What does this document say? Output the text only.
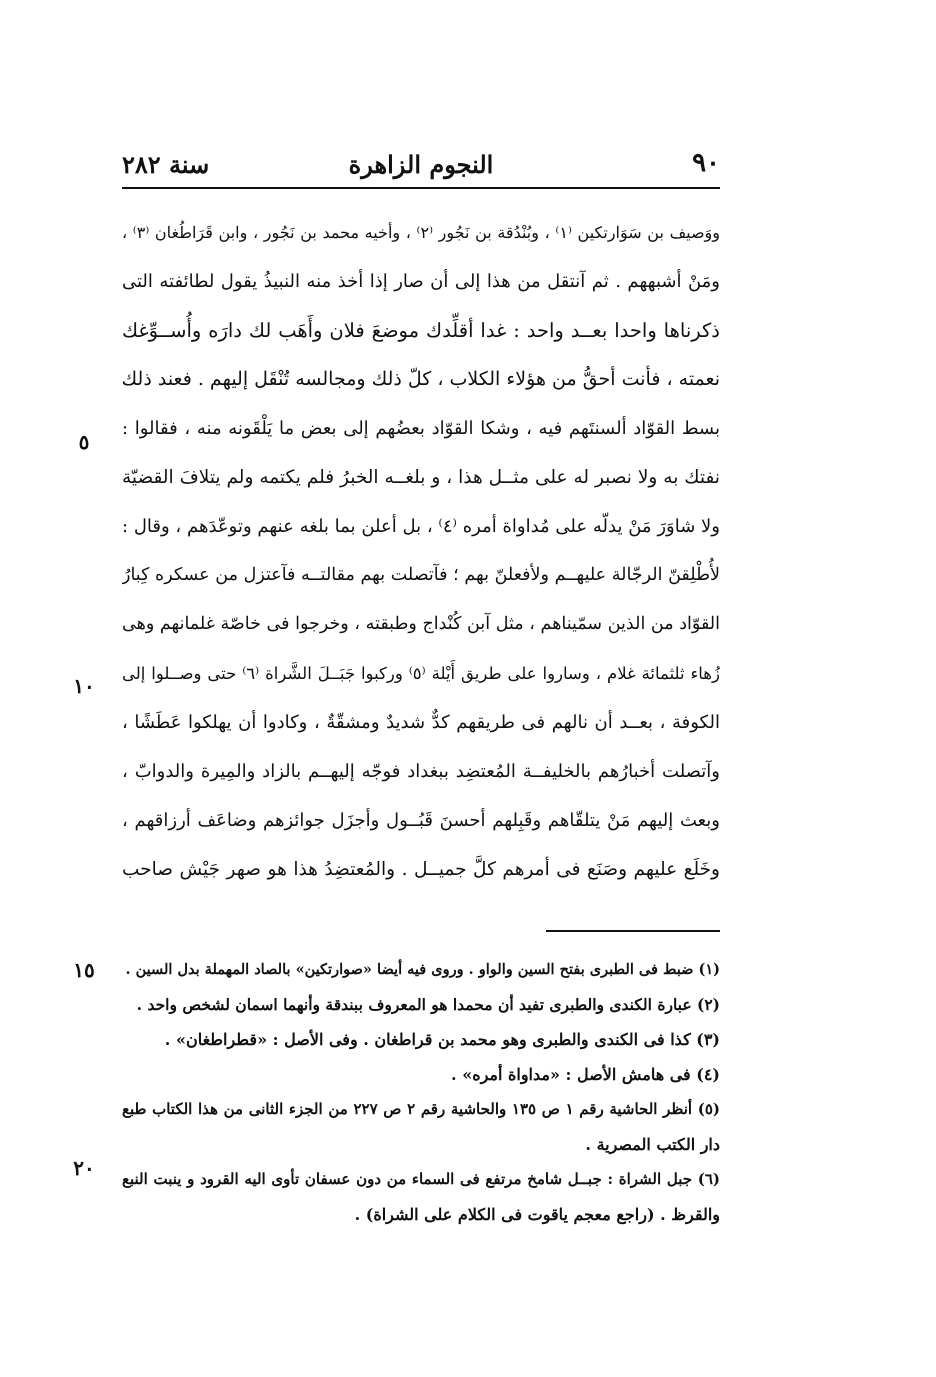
٩٠
النجوم الزاهرة
سنة ٢٨٢
ووَصيف بن سَوَارتكين ⁽١⁾ ، وبُنْدُقة بن نَجُور ⁽٢⁾ ، وأخيه محمد بن نَجُور ، وابن قَرَاطُغان ⁽٣⁾ ،
ومَنْ أشبههم . ثم آنتقل من هذا إلى أن صار إذا أخذ منه النبيذُ يقول لطائفته التى
ذكرناها واحدا بعــد واحد : غدا أقلِّدك موضعَ فلان وأَهَب لك دارَه وأُســوِّغك
نعمته ، فأنت أحقُّ من هؤلاء الكلاب ، كلّ ذلك ومجالسه تُنْقَل إليهم . فعند ذلك
بسط القوّاد ألسنتَهم فيه ، وشكا القوّاد بعضُهم إلى بعض ما يَلْقَونه منه ، فقالوا :
نفتك به ولا نصبر له على مثــل هذا ، و بلغــه الخبرُ فلم يكتمه ولم يتلافَ القضيّة
ولا شاوَرَ مَنْ يدلّه على مُداواة أمره ⁽٤⁾ ، بل أعلن بما بلغه عنهم وتوعّدَهم ، وقال :
لأُطْلِقنّ الرجّالة عليهــم ولأفعلنّ بهم ؛ فآتصلت بهم مقالتــه فآعتزل من عسكره كِبارُ
القوّاد من الذين سمّيناهم ، مثل آبن كُنْداج وطبقته ، وخرجوا فى خاصّة غلمانهم وهى
زُهاء ثلثمائة غلام ، وساروا على طريق أَيْلة ⁽٥⁾ وركبوا جَبَــلَ الشَّراة ⁽٦⁾ حتى وصــلوا إلى
الكوفة ، بعــد أن نالهم فى طريقهم كدٌّ شديدٌ ومشقّةٌ ، وكادوا أن يهلكوا عَطَشًا ،
وآتصلت أخبارُهم بالخليفــة المُعتضِد ببغداد فوجّه إليهــم بالزاد والمِيرة والدوابّ ،
وبعث إليهم مَنْ يتلقّاهم وقَبِلهم أحسنَ قَبُــول وأجزَل جوائزهم وضاعَف أرزاقهم ،
وخَلَع عليهم وصَنَع فى أمرهم كلَّ جميــل . والمُعتضِدُ هذا هو صهر جَيْش صاحب
٥
١٠
١٥
٢٠
(١) ضبط فى الطبرى بفتح السين والواو . وروى فيه أيضا «صوارتكين» بالصاد المهملة بدل السين .
(٢) عبارة الكندى والطبرى تفيد أن محمدا هو المعروف ببندقة وأنهما اسمان لشخص واحد .
(٣) كذا فى الكندى والطبرى وهو محمد بن قراطغان . وفى الأصل : «قطراطغان» .
(٤) فى هامش الأصل : «مداواة أمره» .
(٥) أنظر الحاشية رقم ١ ص ١٣٥ والحاشية رقم ٢ ص ٢٢٧ من الجزء الثانى من هذا الكتاب طبع
دار الكتب المصرية .
(٦) جبل الشراة : جبــل شامخ مرتفع فى السماء من دون عسفان تأوى اليه القرود و ينبت النبع
والقرظ . (راجع معجم ياقوت فى الكلام على الشراة) .
